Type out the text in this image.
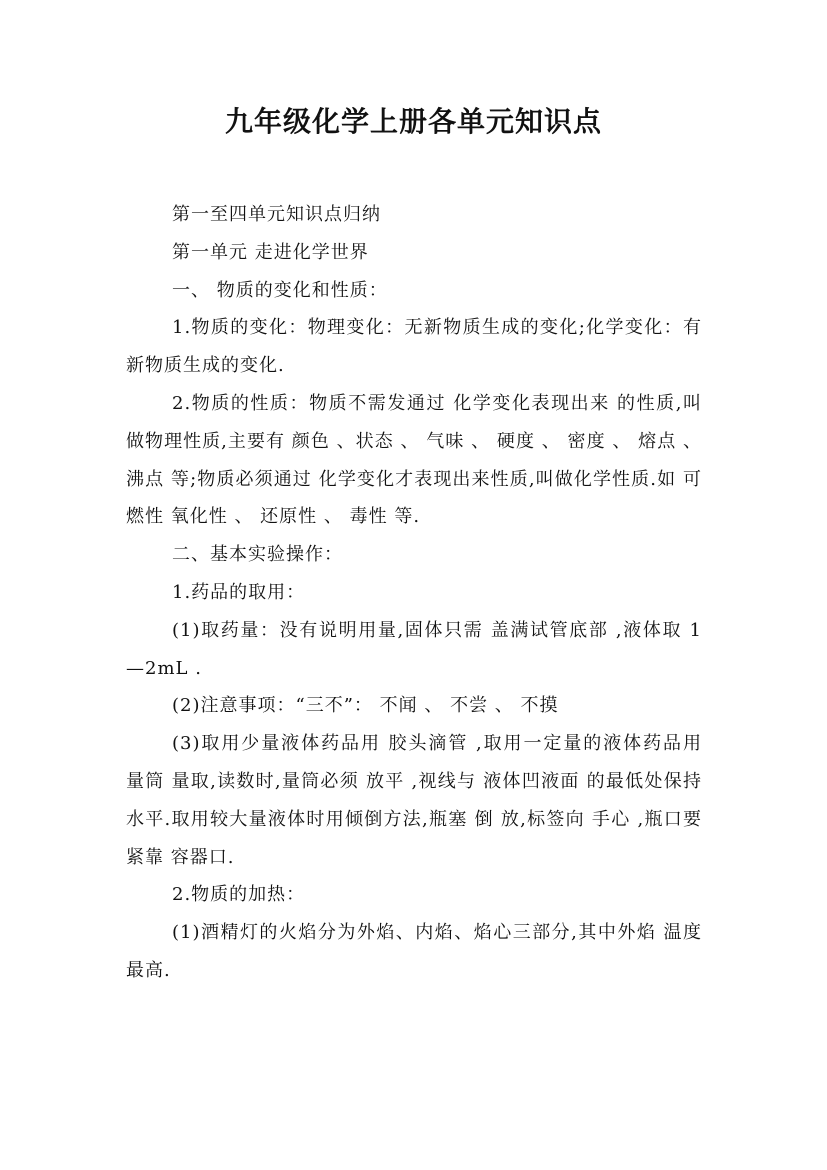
九年级化学上册各单元知识点

第一至四单元知识点归纳

第一单元 走进化学世界

一、 物质的变化和性质：

1.物质的变化：物理变化：无新物质生成的变化;化学变化：有新物质生成的变化.

2.物质的性质：物质不需发通过 化学变化表现出来 的性质,叫做物理性质,主要有 颜色 、状态 、 气味 、 硬度 、 密度 、 熔点 、 沸点 等;物质必须通过 化学变化才表现出来性质,叫做化学性质.如 可燃性 氧化性 、 还原性 、 毒性 等.

二、基本实验操作：

1.药品的取用：

(1)取药量：没有说明用量,固体只需 盖满试管底部 ,液体取 1—2mL .

(2)注意事项：“三不”： 不闻 、 不尝 、 不摸

(3)取用少量液体药品用 胶头滴管 ,取用一定量的液体药品用 量筒 量取,读数时,量筒必须 放平 ,视线与 液体凹液面 的最低处保持水平.取用较大量液体时用倾倒方法,瓶塞 倒 放,标签向 手心 ,瓶口要 紧靠 容器口.

2.物质的加热：

(1)酒精灯的火焰分为外焰、内焰、焰心三部分,其中外焰 温度最高.
